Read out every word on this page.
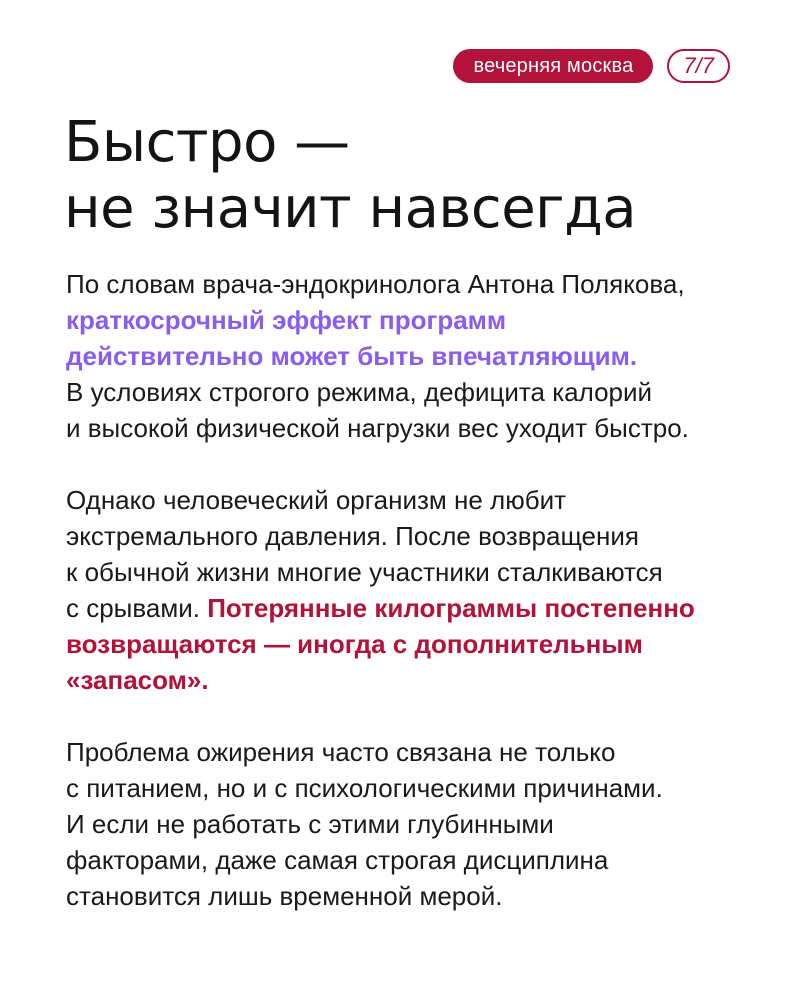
вечерняя москва	7/7
Быстро —
не значит навсегда
По словам врача-эндокринолога Антона Полякова,
краткосрочный эффект программ
действительно может быть впечатляющим.
В условиях строгого режима, дефицита калорий
и высокой физической нагрузки вес уходит быстро.
Однако человеческий организм не любит
экстремального давления. После возвращения
к обычной жизни многие участники сталкиваются
с срывами. Потерянные килограммы постепенно
возвращаются — иногда с дополнительным
«запасом».
Проблема ожирения часто связана не только
с питанием, но и с психологическими причинами.
И если не работать с этими глубинными
факторами, даже самая строгая дисциплина
становится лишь временной мерой.
